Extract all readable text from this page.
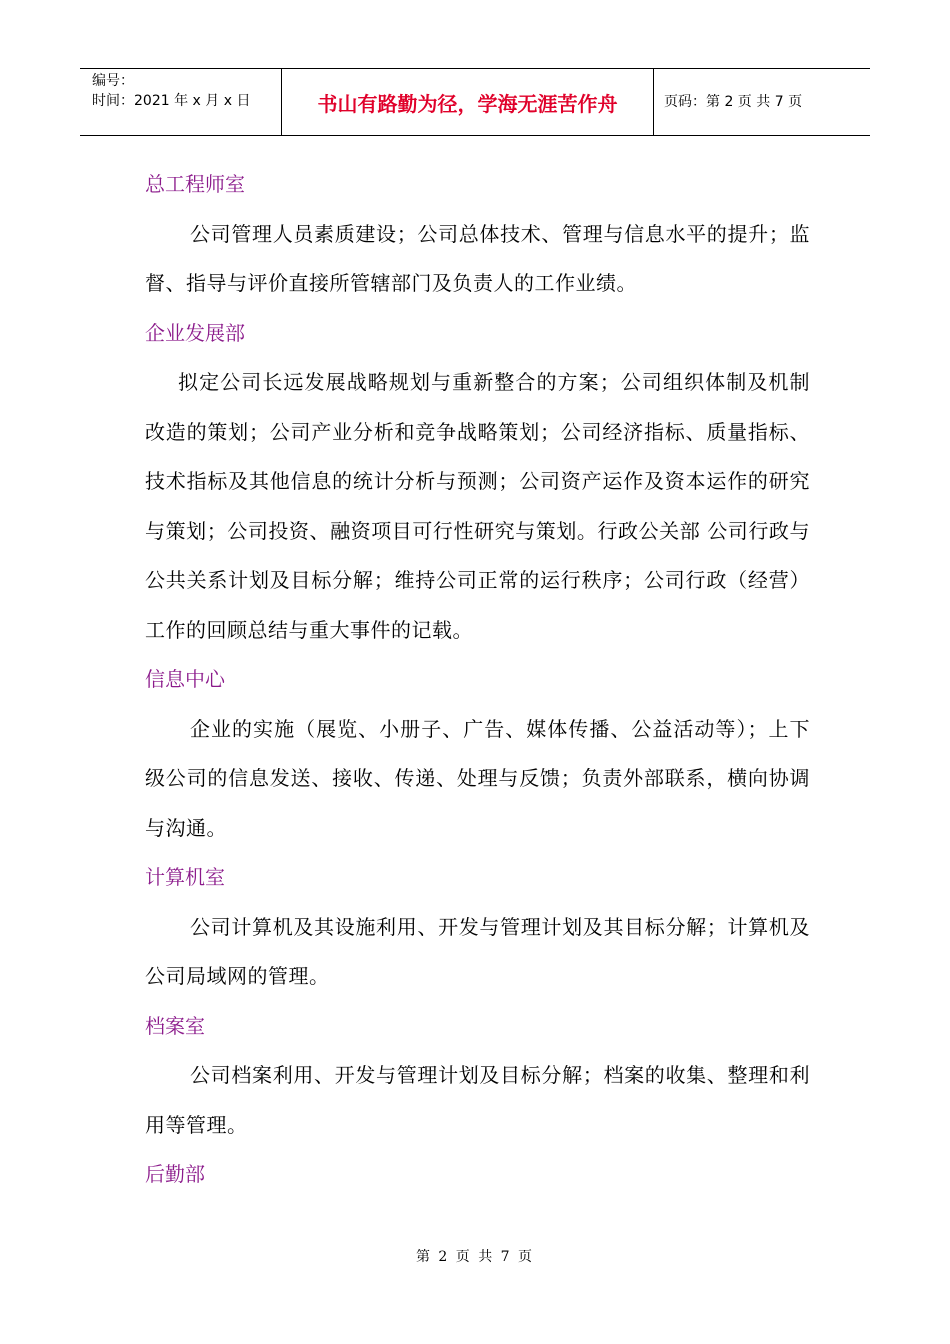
编号：
时间：2021 年 x 月 x 日	书山有路勤为径，学海无涯苦作舟	页码：第 2 页 共 7 页
总工程师室
公司管理人员素质建设；公司总体技术、管理与信息水平的提升；监督、指导与评价直接所管辖部门及负责人的工作业绩。
企业发展部
拟定公司长远发展战略规划与重新整合的方案；公司组织体制及机制改造的策划；公司产业分析和竞争战略策划；公司经济指标、质量指标、技术指标及其他信息的统计分析与预测；公司资产运作及资本运作的研究与策划；公司投资、融资项目可行性研究与策划。行政公关部 公司行政与公共关系计划及目标分解；维持公司正常的运行秩序；公司行政（经营）工作的回顾总结与重大事件的记载。
信息中心
企业的实施（展览、小册子、广告、媒体传播、公益活动等）；上下级公司的信息发送、接收、传递、处理与反馈；负责外部联系，横向协调与沟通。
计算机室
公司计算机及其设施利用、开发与管理计划及其目标分解；计算机及公司局域网的管理。
档案室
公司档案利用、开发与管理计划及目标分解；档案的收集、整理和利用等管理。
后勤部
第 2 页 共 7 页
